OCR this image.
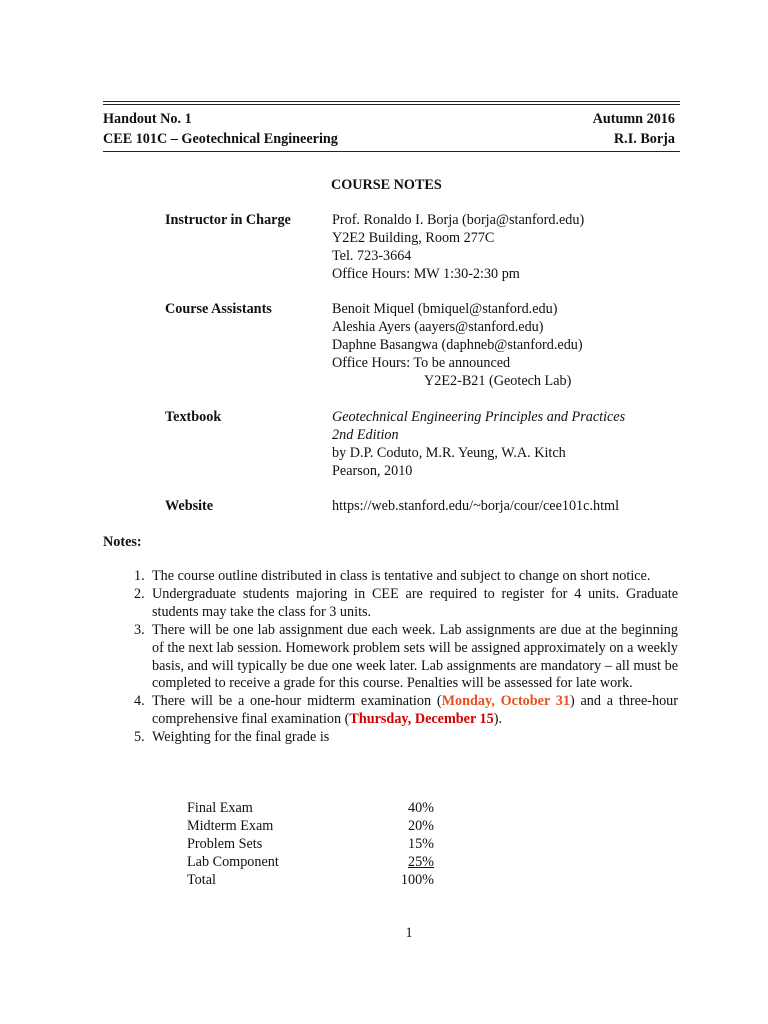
Handout No. 1	Autumn 2016
CEE 101C – Geotechnical Engineering	R.I. Borja
COURSE NOTES
Instructor in Charge	Prof. Ronaldo I. Borja (borja@stanford.edu)
Y2E2 Building, Room 277C
Tel. 723-3664
Office Hours: MW 1:30-2:30 pm
Course Assistants	Benoit Miquel (bmiquel@stanford.edu)
Aleshia Ayers (aayers@stanford.edu)
Daphne Basangwa (daphneb@stanford.edu)
Office Hours: To be announced
Y2E2-B21 (Geotech Lab)
Textbook	Geotechnical Engineering Principles and Practices
2nd Edition
by D.P. Coduto, M.R. Yeung, W.A. Kitch
Pearson, 2010
Website	https://web.stanford.edu/~borja/cour/cee101c.html
Notes:
1. The course outline distributed in class is tentative and subject to change on short notice.
2. Undergraduate students majoring in CEE are required to register for 4 units. Graduate students may take the class for 3 units.
3. There will be one lab assignment due each week. Lab assignments are due at the beginning of the next lab session. Homework problem sets will be assigned approximately on a weekly basis, and will typically be due one week later. Lab assignments are mandatory – all must be completed to receive a grade for this course. Penalties will be assessed for late work.
4. There will be a one-hour midterm examination (Monday, October 31) and a three-hour comprehensive final examination (Thursday, December 15).
5. Weighting for the final grade is
Final Exam	40%
Midterm Exam	20%
Problem Sets	15%
Lab Component	25%
Total	100%
1
